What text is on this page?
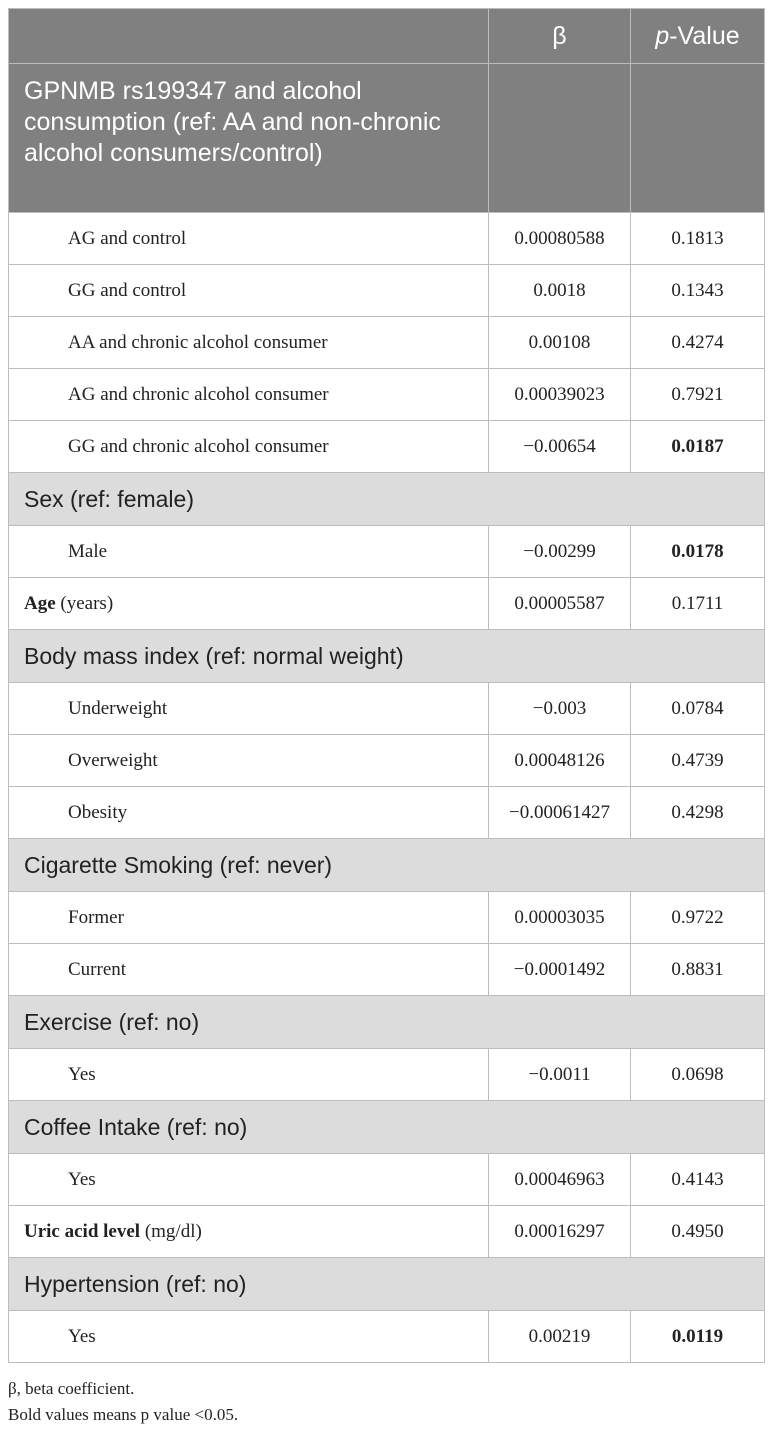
	β	p-Value

GPNMB rs199347 and alcohol consumption (ref: AA and non-chronic alcohol consumers/control)		

AG and control	0.00080588	0.1813
GG and control	0.0018	0.1343
AA and chronic alcohol consumer	0.00108	0.4274
AG and chronic alcohol consumer	0.00039023	0.7921
GG and chronic alcohol consumer	−0.00654	0.0187
Sex (ref: female)		
Male	−0.00299	0.0178
Age (years)	0.00005587	0.1711
Body mass index (ref: normal weight)		
Underweight	−0.003	0.0784
Overweight	0.00048126	0.4739
Obesity	−0.00061427	0.4298
Cigarette Smoking (ref: never)		
Former	0.00003035	0.9722
Current	−0.0001492	0.8831
Exercise (ref: no)		
Yes	−0.0011	0.0698
Coffee Intake (ref: no)		
Yes	0.00046963	0.4143
Uric acid level (mg/dl)	0.00016297	0.4950
Hypertension (ref: no)		
Yes	0.00219	0.0119
β, beta coefficient.
Bold values means p value <0.05.
